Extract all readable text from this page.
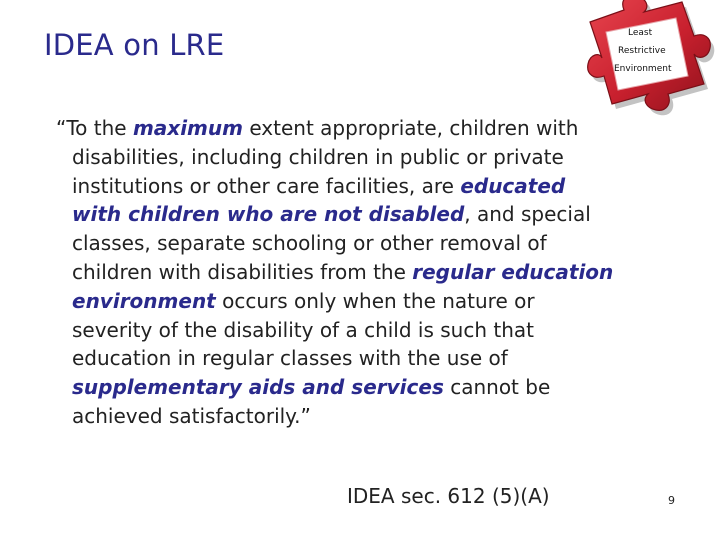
IDEA on LRE	Least
Restrictive
Environment
“To the maximum extent appropriate, children with
disabilities, including children in public or private
institutions or other care facilities, are educated
with children who are not disabled, and special
classes, separate schooling or other removal of
children with disabilities from the regular education
environment occurs only when the nature or
severity of the disability of a child is such that
education in regular classes with the use of
supplementary aids and services cannot be
achieved satisfactorily.”
IDEA sec. 612 (5)(A)	9
